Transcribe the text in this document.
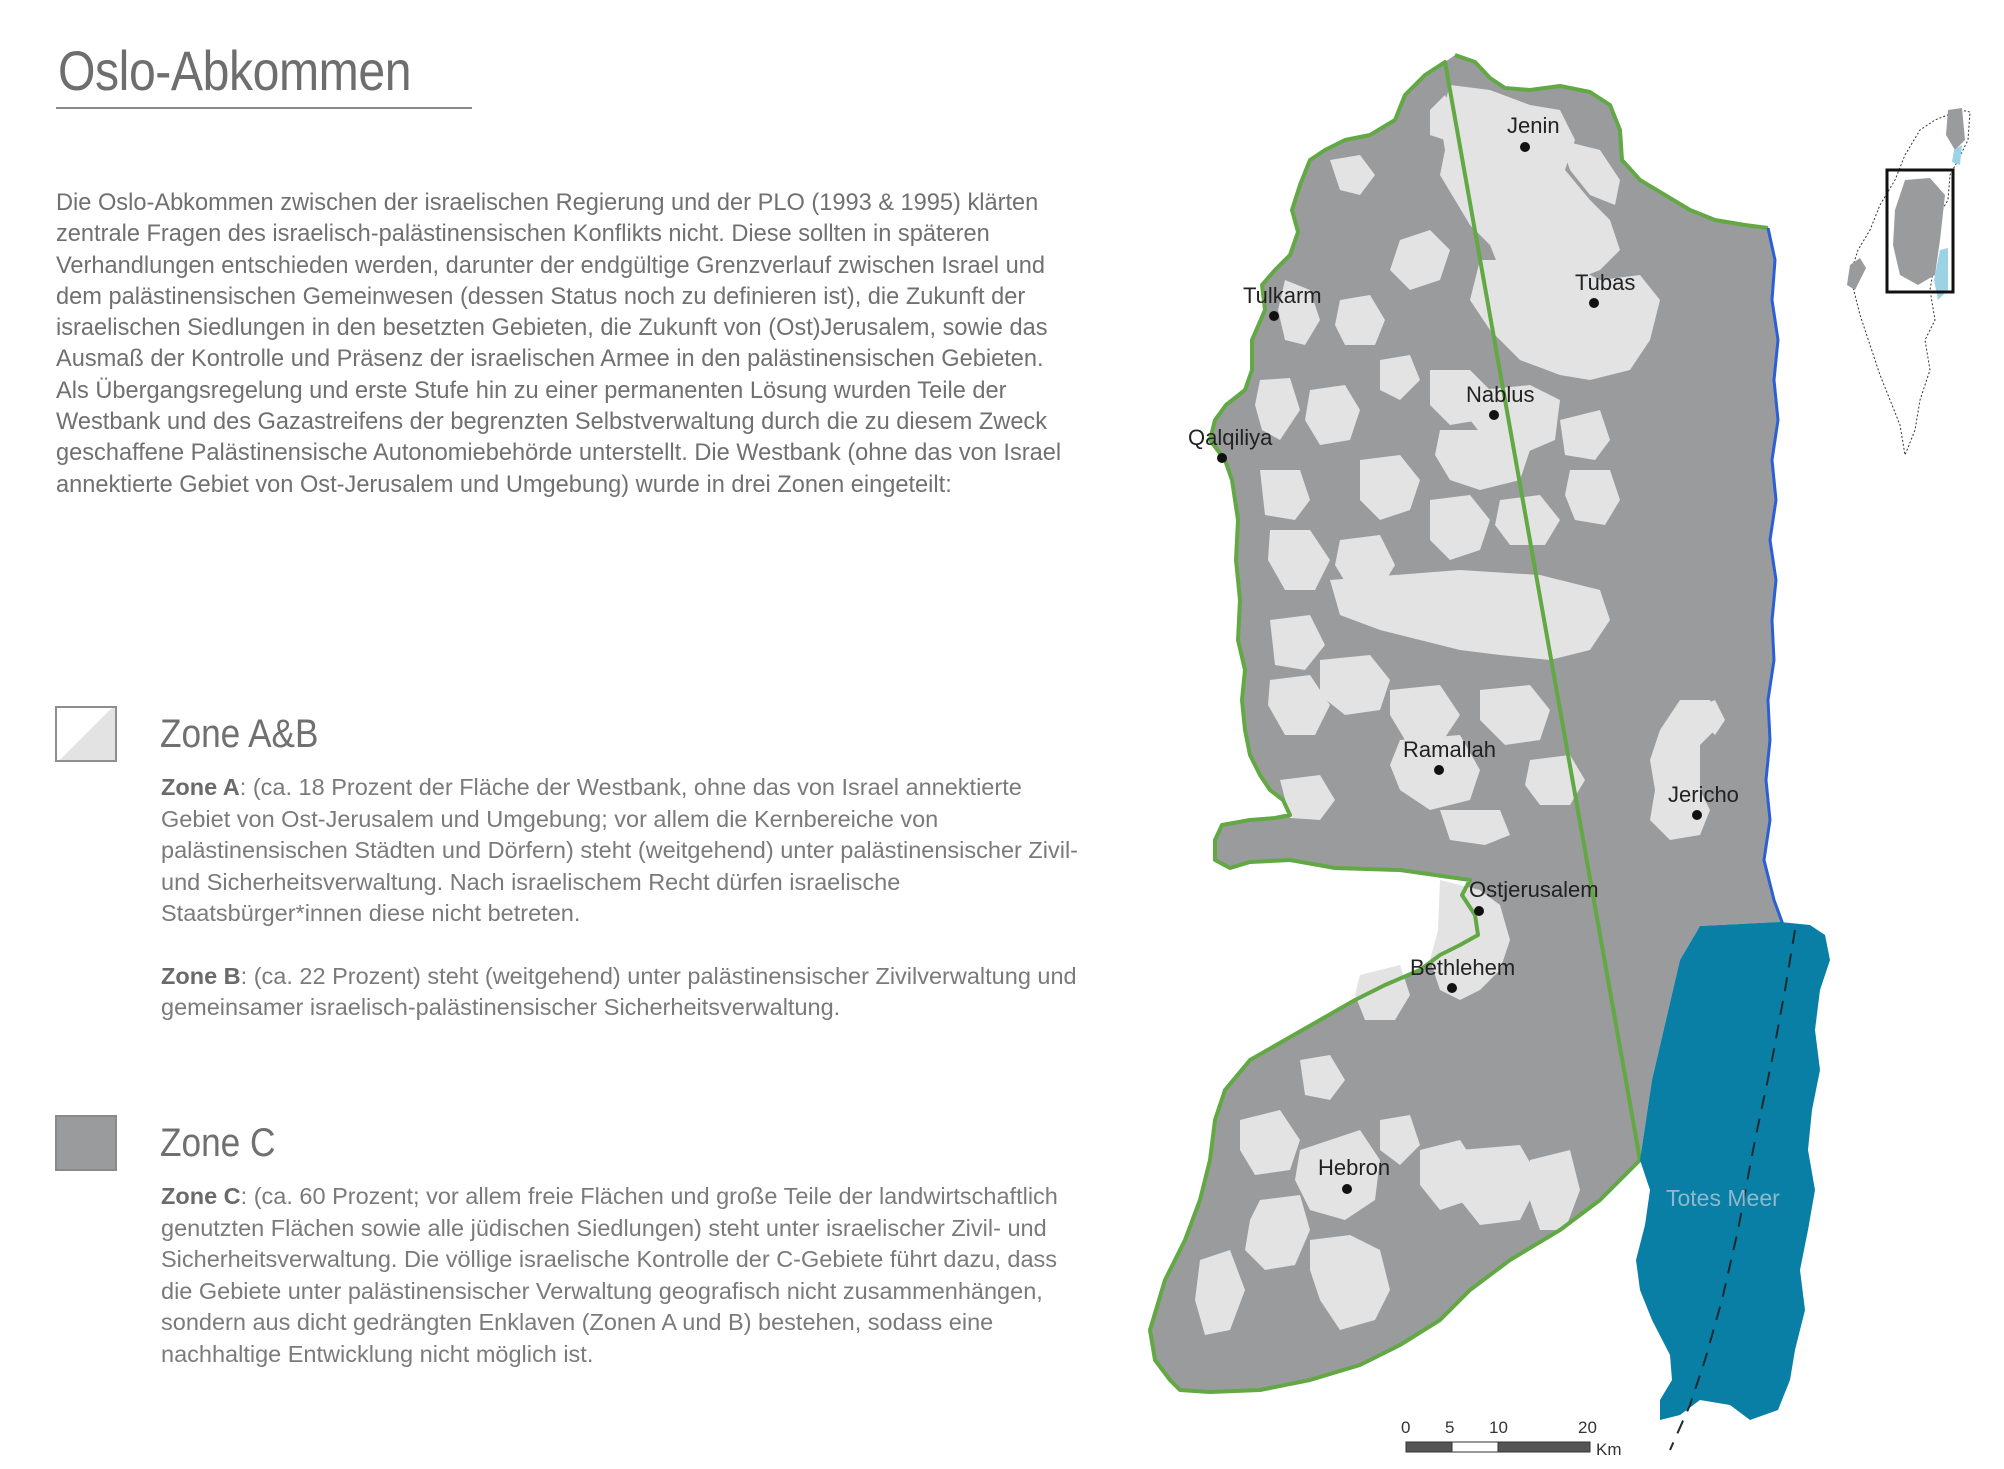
Oslo-Abkommen
Die Oslo-Abkommen zwischen der israelischen Regierung und der PLO (1993 & 1995) klärten zentrale Fragen des israelisch-palästinensischen Konflikts nicht. Diese sollten in späteren Verhandlungen entschieden werden, darunter der endgültige Grenzverlauf zwischen Israel und dem palästinensischen Gemeinwesen (dessen Status noch zu definieren ist), die Zukunft der israelischen Siedlungen in den besetzten Gebieten, die Zukunft von (Ost)Jerusalem, sowie das Ausmaß der Kontrolle und Präsenz der israelischen Armee in den palästinensischen Gebieten. Als Übergangsregelung und erste Stufe hin zu einer permanenten Lösung wurden Teile der Westbank und des Gazastreifens der begrenzten Selbstverwaltung durch die zu diesem Zweck geschaffene Palästinensische Autonomiebehörde unterstellt. Die Westbank (ohne das von Israel annektierte Gebiet von Ost-Jerusalem und Umgebung) wurde in drei Zonen eingeteilt:
Zone A&B

Zone A: (ca. 18 Prozent der Fläche der Westbank, ohne das von Israel annektierte Gebiet von Ost-Jerusalem und Umgebung; vor allem die Kernbereiche von palästinensischen Städten und Dörfern) steht (weitgehend) unter palästinensischer Zivil- und Sicherheitsverwaltung. Nach israelischem Recht dürfen israelische Staatsbürger*innen diese nicht betreten.

Zone B: (ca. 22 Prozent) steht (weitgehend) unter palästinensischer Zivilverwaltung und gemeinsamer israelisch-palästinensischer Sicherheitsverwaltung.

Zone C

Zone C: (ca. 60 Prozent; vor allem freie Flächen und große Teile der landwirtschaftlich genutzten Flächen sowie alle jüdischen Siedlungen) steht unter israelischer Zivil- und Sicherheitsverwaltung. Die völlige israelische Kontrolle der C-Gebiete führt dazu, dass die Gebiete unter palästinensischer Verwaltung geografisch nicht zusammenhängen, sondern aus dicht gedrängten Enklaven (Zonen A und B) bestehen, sodass eine nachhaltige Entwicklung nicht möglich ist.

Jenin
Tubas
Tulkarm
Nablus
Qalqiliya
Ramallah
Jericho
Ostjerusalem
Bethlehem
Hebron
Totes Meer
0 5 10	20
Km
